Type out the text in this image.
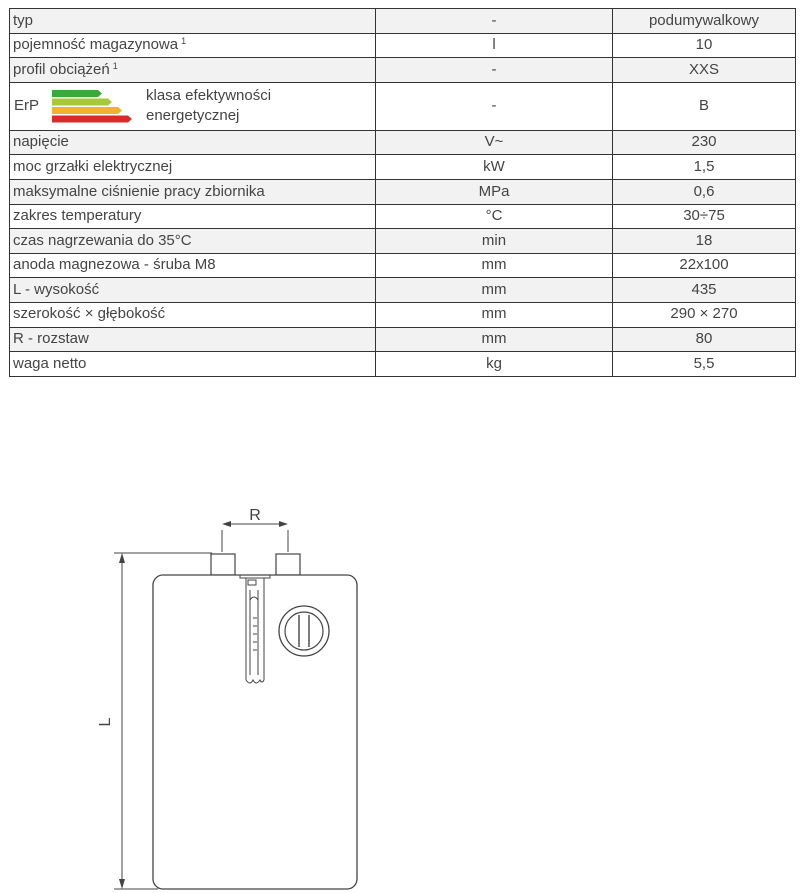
typ	-	podumywalkowy
pojemność magazynowa $^1$	l	10
profil obciążeń $^1$	-	XXS

ErP
klasa efektywności energetycznej	-	B
napięcie	V~	230
moc grzałki elektrycznej	kW	1,5
maksymalne ciśnienie pracy zbiornika	MPa	0,6
zakres temperatury	°C	30÷75
czas nagrzewania do 35°C	min	18
anoda magnezowa - śruba M8	mm	22x100
L - wysokość	mm	435
szerokość × głębokość	mm	290 × 270
R - rozstaw	mm	80
waga netto	kg	5,5
R
L
